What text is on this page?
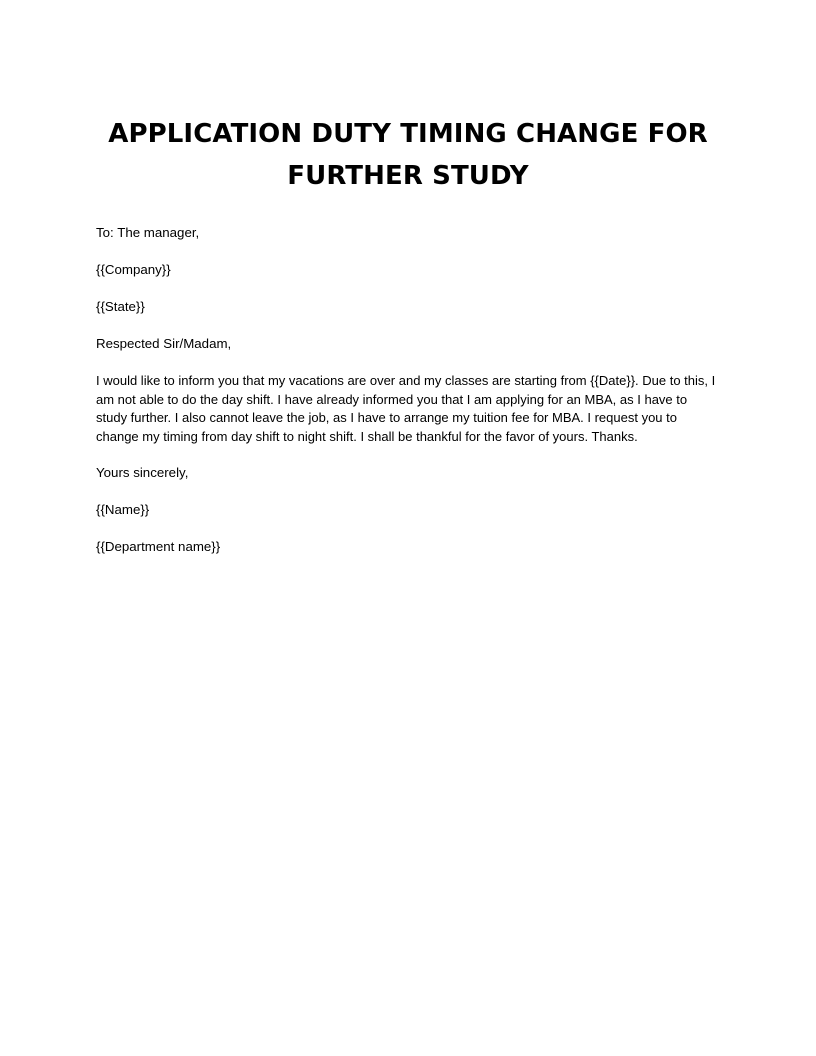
APPLICATION DUTY TIMING CHANGE FOR FURTHER STUDY
To: The manager,
{{Company}}
{{State}}
Respected Sir/Madam,
I would like to inform you that my vacations are over and my classes are starting from {{Date}}. Due to this, I am not able to do the day shift. I have already informed you that I am applying for an MBA, as I have to study further. I also cannot leave the job, as I have to arrange my tuition fee for MBA. I request you to change my timing from day shift to night shift. I shall be thankful for the favor of yours. Thanks.
Yours sincerely,
{{Name}}
{{Department name}}
